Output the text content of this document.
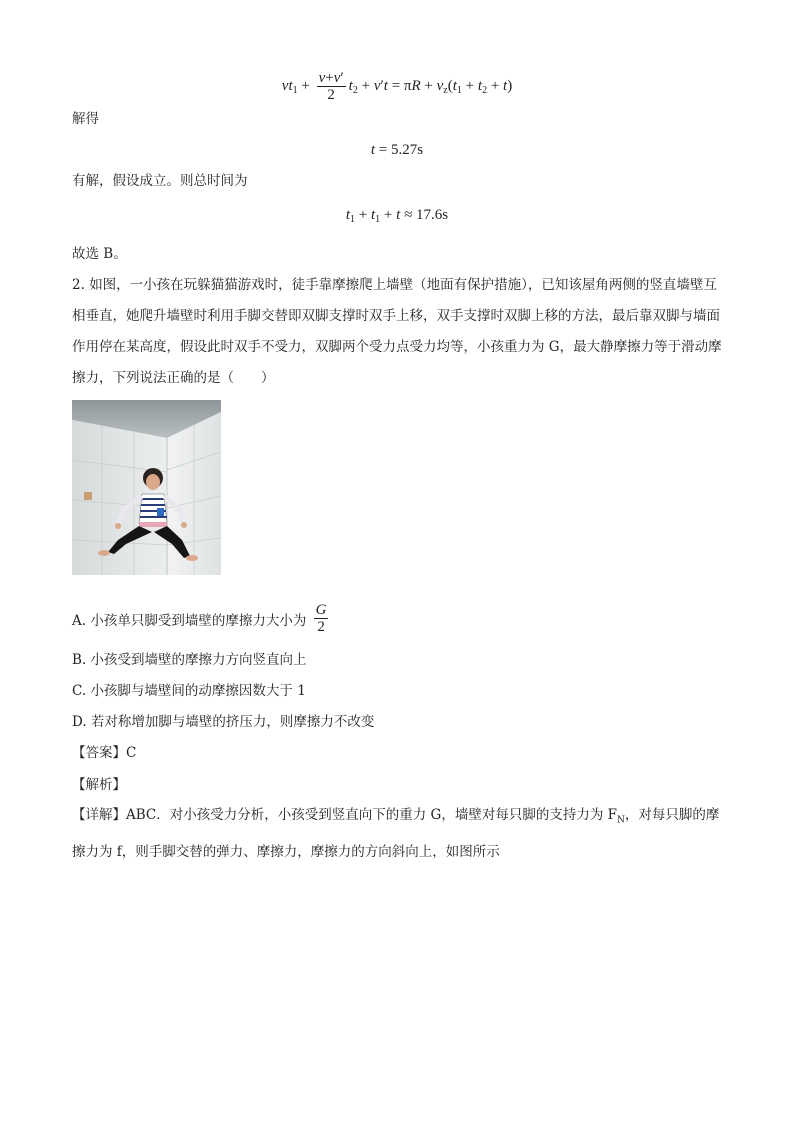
$vt_1 + \frac{v+v'}{2} t_2 + v't = \pi R + v_z(t_1 + t_2 + t)$
解得
t = 5.27s
有解，假设成立。则总时间为
$t_1 + t_1 + t \approx 17.6s$
故选 B。
2. 如图，一小孩在玩躲猫猫游戏时，徒手靠摩擦爬上墙壁（地面有保护措施），已知该屋角两侧的竖直墙壁互相垂直，她爬升墙壁时利用手脚交替即双脚支撑时双手上移，双手支撑时双脚上移的方法，最后靠双脚与墙面作用停在某高度，假设此时双手不受力，双脚两个受力点受力均等，小孩重力为 G，最大静摩擦力等于滑动摩擦力，下列说法正确的是（　　）
A. 小孩单只脚受到墙壁的摩擦力大小为 $\frac{G}{2}$
B. 小孩受到墙壁的摩擦力方向竖直向上
C. 小孩脚与墙壁间的动摩擦因数大于 1
D. 若对称增加脚与墙壁的挤压力，则摩擦力不改变
【答案】C
【解析】
【详解】ABC．对小孩受力分析，小孩受到竖直向下的重力 G，墙壁对每只脚的支持力为 $F_N$，对每只脚的摩擦力为 f，则手脚交替的弹力、摩擦力，摩擦力的方向斜向上，如图所示
